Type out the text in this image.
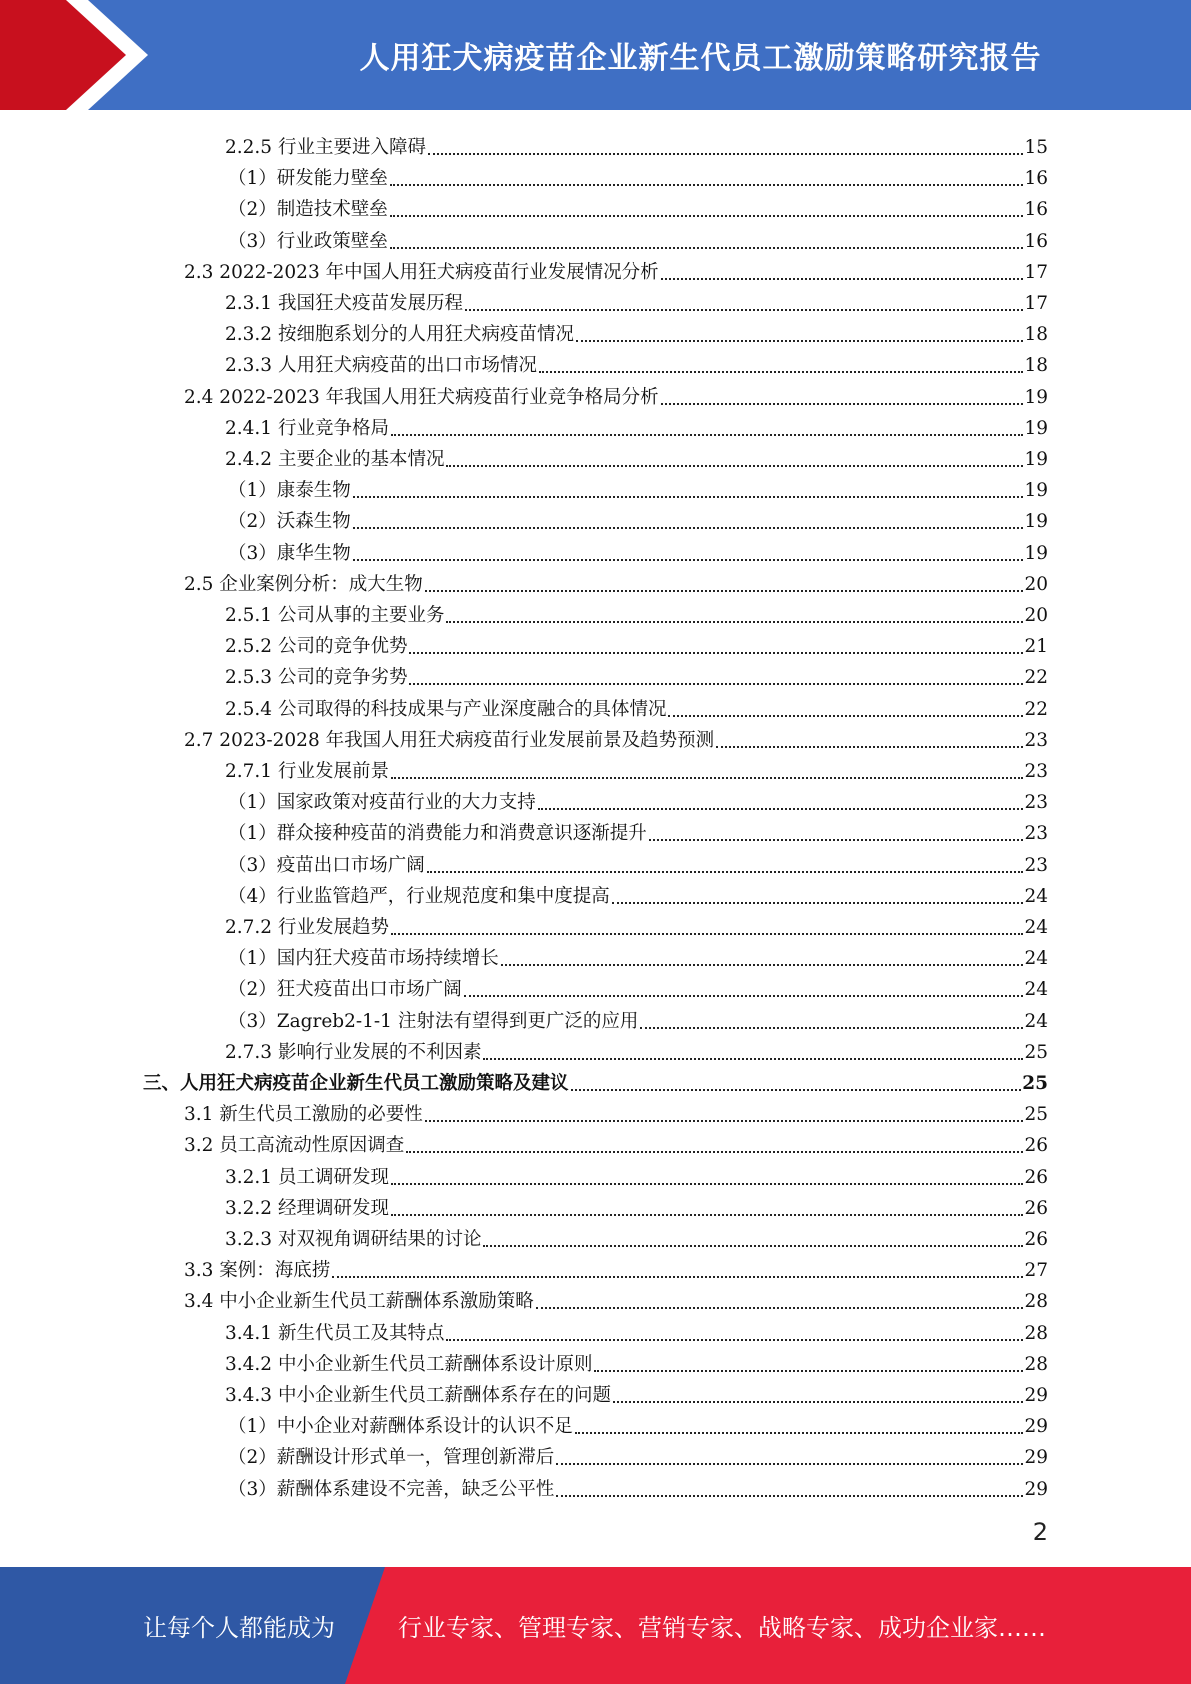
人用狂犬病疫苗企业新生代员工激励策略研究报告
2.2.5 行业主要进入障碍	15
（1）研发能力壁垒	16
（2）制造技术壁垒	16
（3）行业政策壁垒	16
2.3 2022-2023 年中国人用狂犬病疫苗行业发展情况分析	17
2.3.1 我国狂犬疫苗发展历程	17
2.3.2 按细胞系划分的人用狂犬病疫苗情况	18
2.3.3 人用狂犬病疫苗的出口市场情况	18
2.4 2022-2023 年我国人用狂犬病疫苗行业竞争格局分析	19
2.4.1 行业竞争格局	19
2.4.2 主要企业的基本情况	19
（1）康泰生物	19
（2）沃森生物	19
（3）康华生物	19
2.5 企业案例分析：成大生物	20
2.5.1 公司从事的主要业务	20
2.5.2 公司的竞争优势	21
2.5.3 公司的竞争劣势	22
2.5.4 公司取得的科技成果与产业深度融合的具体情况	22
2.7 2023-2028 年我国人用狂犬病疫苗行业发展前景及趋势预测	23
2.7.1 行业发展前景	23
（1）国家政策对疫苗行业的大力支持	23
（1）群众接种疫苗的消费能力和消费意识逐渐提升	23
（3）疫苗出口市场广阔	23
（4）行业监管趋严，行业规范度和集中度提高	24
2.7.2 行业发展趋势	24
（1）国内狂犬疫苗市场持续增长	24
（2）狂犬疫苗出口市场广阔	24
（3）Zagreb2-1-1 注射法有望得到更广泛的应用	24
2.7.3 影响行业发展的不利因素	25
三、人用狂犬病疫苗企业新生代员工激励策略及建议	25
3.1 新生代员工激励的必要性	25
3.2 员工高流动性原因调查	26
3.2.1 员工调研发现	26
3.2.2 经理调研发现	26
3.2.3 对双视角调研结果的讨论	26
3.3 案例：海底捞	27
3.4 中小企业新生代员工薪酬体系激励策略	28
3.4.1 新生代员工及其特点	28
3.4.2 中小企业新生代员工薪酬体系设计原则	28
3.4.3 中小企业新生代员工薪酬体系存在的问题	29
（1）中小企业对薪酬体系设计的认识不足	29
（2）薪酬设计形式单一，管理创新滞后	29
（3）薪酬体系建设不完善，缺乏公平性	29
2
让每个人都能成为	行业专家、管理专家、营销专家、战略专家、成功企业家……
